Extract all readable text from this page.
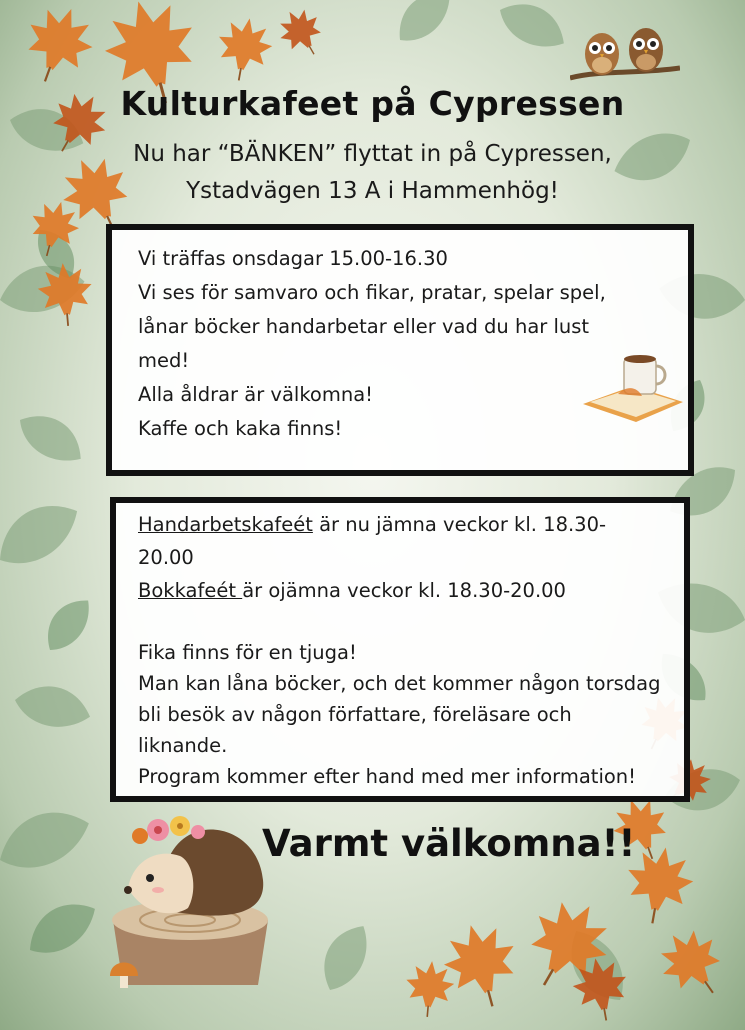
Kulturkafeet på Cypressen

Nu har “BÄNKEN” flyttat in på Cypressen,

Ystadvägen 13 A i Hammenhög!

Vi träffas onsdagar 15.00-16.30

Vi ses för samvaro och fikar, pratar, spelar spel,

lånar böcker handarbetar eller vad du har lust

med!

Alla åldrar är välkomna!

Kaffe och kaka finns!

Handarbetskafeét är nu jämna veckor kl. 18.30-

20.00

Bokkafeét är ojämna veckor kl. 18.30-20.00

Fika finns för en tjuga!

Man kan låna böcker, och det kommer någon torsdag

bli besök av någon författare, föreläsare och

liknande.

Program kommer efter hand med mer information!

Varmt välkomna!!
